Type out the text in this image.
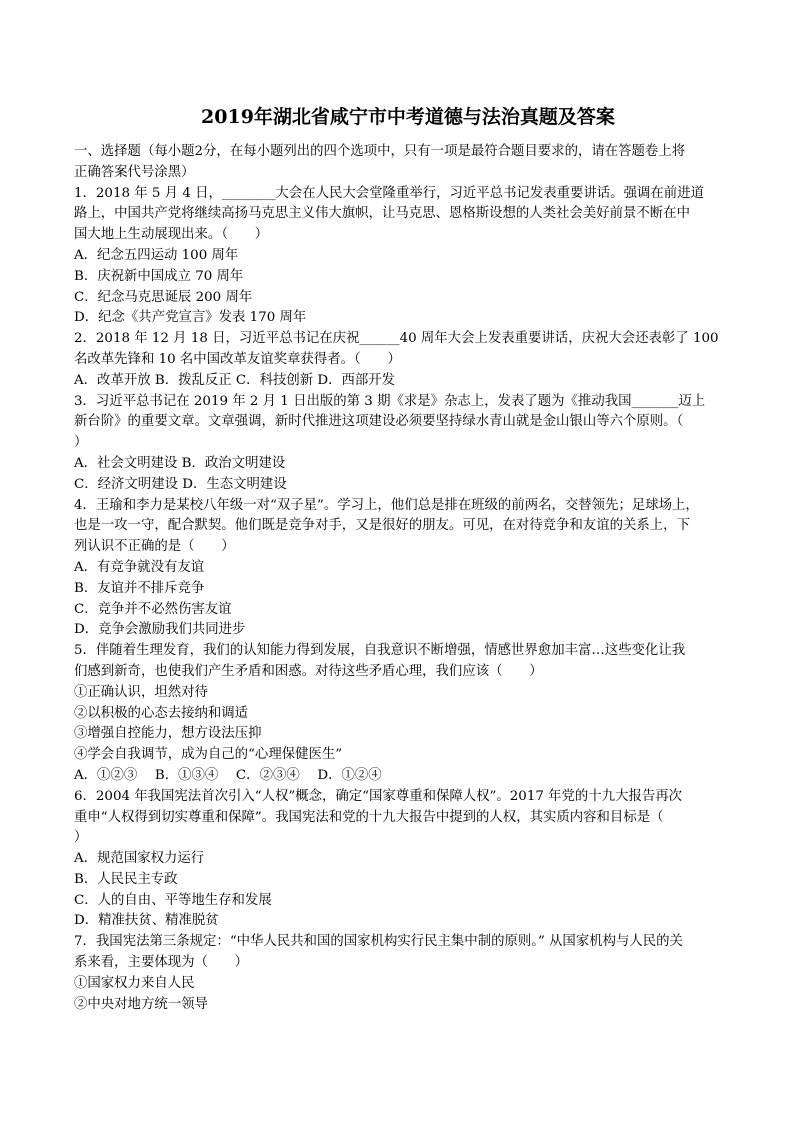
2019年湖北省咸宁市中考道德与法治真题及答案
一、选择题（每小题2分，在每小题列出的四个选项中，只有一项是最符合题目要求的，请在答题卷上将
正确答案代号涂黑）
1．2018 年 5 月 4 日，________大会在人民大会堂隆重举行，习近平总书记发表重要讲话。强调在前进道
路上，中国共产党将继续高扬马克思主义伟大旗帜，让马克思、恩格斯设想的人类社会美好前景不断在中
国大地上生动展现出来。（　　）
A．纪念五四运动 100 周年
B．庆祝新中国成立 70 周年
C．纪念马克思诞辰 200 周年
D．纪念《共产党宣言》发表 170 周年
2．2018 年 12 月 18 日，习近平总书记在庆祝______40 周年大会上发表重要讲话，庆祝大会还表彰了 100
名改革先锋和 10 名中国改革友谊奖章获得者。（　　）
A．改革开放 B．拨乱反正 C．科技创新 D．西部开发
3．习近平总书记在 2019 年 2 月 1 日出版的第 3 期《求是》杂志上，发表了题为《推动我国_______迈上
新台阶》的重要文章。文章强调，新时代推进这项建设必须要坚持绿水青山就是金山银山等六个原则。（
）
A．社会文明建设 B．政治文明建设
C．经济文明建设 D．生态文明建设
4．王瑜和李力是某校八年级一对“双子星”。学习上，他们总是排在班级的前两名，交替领先；足球场上，
也是一攻一守，配合默契。他们既是竞争对手，又是很好的朋友。可见，在对待竞争和友谊的关系上，下
列认识不正确的是（　　）
A．有竞争就没有友谊
B．友谊并不排斥竞争
C．竞争并不必然伤害友谊
D．竞争会激励我们共同进步
5．伴随着生理发育，我们的认知能力得到发展，自我意识不断增强，情感世界愈加丰富…这些变化让我
们感到新奇，也使我们产生矛盾和困惑。对待这些矛盾心理，我们应该（　　）
①正确认识，坦然对待
②以积极的心态去接纳和调适
③增强自控能力，想方设法压抑
④学会自我调节，成为自己的“心理保健医生”
A．①②③　 B．①③④　 C．②③④　 D．①②④
6．2004 年我国宪法首次引入“人权”概念，确定“国家尊重和保障人权”。2017 年党的十九大报告再次
重申“人权得到切实尊重和保障”。我国宪法和党的十九大报告中提到的人权，其实质内容和目标是（
）
A．规范国家权力运行
B．人民民主专政
C．人的自由、平等地生存和发展
D．精准扶贫、精准脱贫
7．我国宪法第三条规定：“中华人民共和国的国家机构实行民主集中制的原则。” 从国家机构与人民的关
系来看，主要体现为（　　）
①国家权力来自人民
②中央对地方统一领导
